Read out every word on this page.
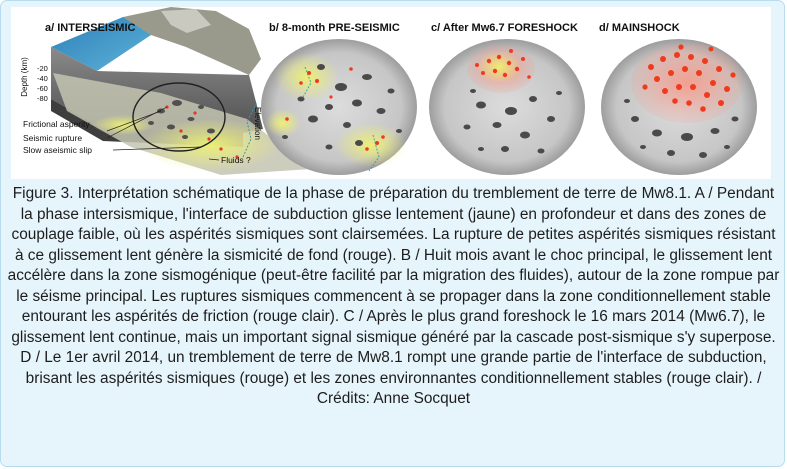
a/ INTERSEISMIC
Depth (km) -20
-40
-60
-80
Elevation
Frictional asperity
Seismic rupture
Slow aseismic slip
Fluids ?
b/ 8-month PRE-SEISMIC	c/ After Mw6.7 FORESHOCK d/ MAINSHOCK
Figure 3. Interprétation schématique de la phase de préparation du tremblement de terre de Mw8.1. A / Pendant la phase intersismique, l'interface de subduction glisse lentement (jaune) en profondeur et dans des zones de couplage faible, où les aspérités sismiques sont clairsemées. La rupture de petites aspérités sismiques résistant à ce glissement lent génère la sismicité de fond (rouge). B / Huit mois avant le choc principal, le glissement lent accélère dans la zone sismogénique (peut-être facilité par la migration des fluides), autour de la zone rompue par le séisme principal. Les ruptures sismiques commencent à se propager dans la zone conditionnellement stable entourant les aspérités de friction (rouge clair). C / Après le plus grand foreshock le 16 mars 2014 (Mw6.7), le glissement lent continue, mais un important signal sismique généré par la cascade post-sismique s'y superpose. D / Le 1er avril 2014, un tremblement de terre de Mw8.1 rompt une grande partie de l'interface de subduction, brisant les aspérités sismiques (rouge) et les zones environnantes conditionnellement stables (rouge clair). / Crédits: Anne Socquet
